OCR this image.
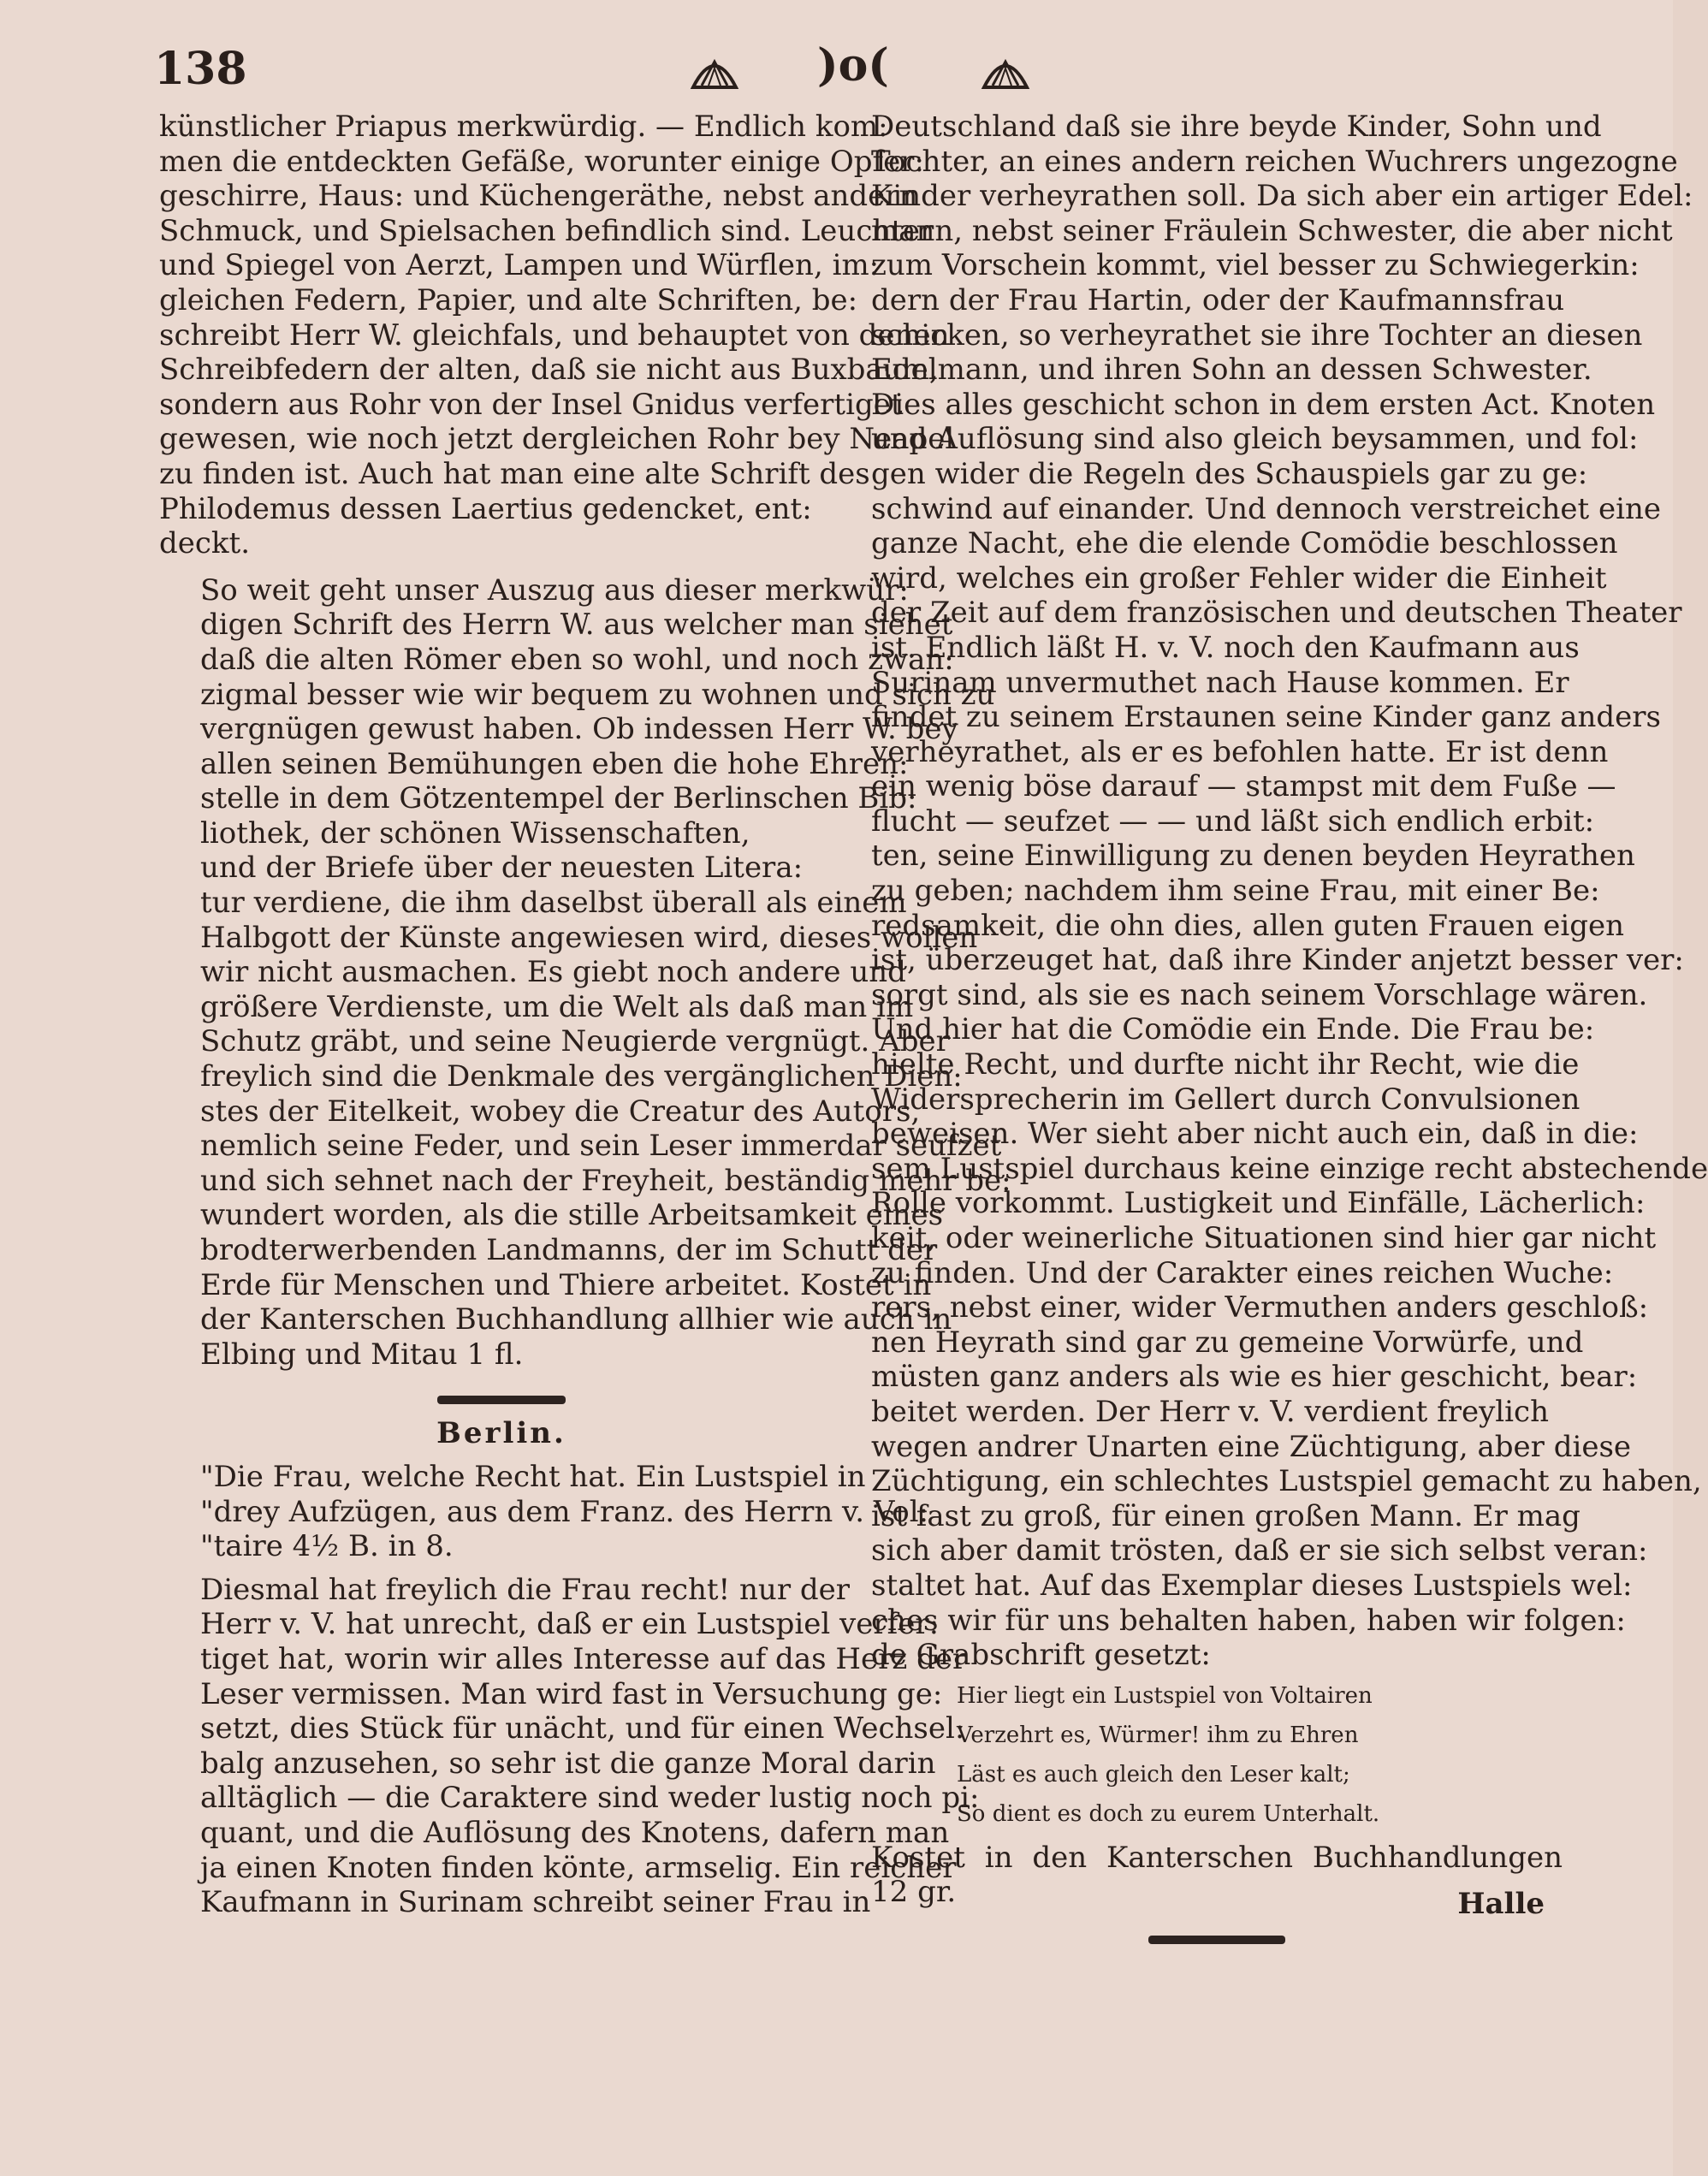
138	)o(

künstlicher Priapus merkwürdig. — Endlich kom:
men die entdeckten Gefäße, worunter einige Opfer:
geschirre, Haus: und Küchengeräthe, nebst andern
Schmuck, und Spielsachen befindlich sind. Leuchter
und Spiegel von Aerzt, Lampen und Würflen, im:
gleichen Federn, Papier, und alte Schriften, be:
schreibt Herr W. gleichfals, und behauptet von denen
Schreibfedern der alten, daß sie nicht aus Buxbaum,
sondern aus Rohr von der Insel Gnidus verfertiget
gewesen, wie noch jetzt dergleichen Rohr bey Neapel
zu finden ist. Auch hat man eine alte Schrift des
Philodemus dessen Laertius gedencket, ent:
deckt.

So weit geht unser Auszug aus dieser merkwür:
digen Schrift des Herrn W. aus welcher man siehet
daß die alten Römer eben so wohl, und noch zwan:
zigmal besser wie wir bequem zu wohnen und sich zu
vergnügen gewust haben. Ob indessen Herr W. bey
allen seinen Bemühungen eben die hohe Ehren:
stelle in dem Götzentempel der Berlinschen Bib:
liothek, der schönen Wissenschaften,
und der Briefe über der neuesten Litera:
tur verdiene, die ihm daselbst überall als einem
Halbgott der Künste angewiesen wird, dieses wollen
wir nicht ausmachen. Es giebt noch andere und
größere Verdienste, um die Welt als daß man im
Schutz gräbt, und seine Neugierde vergnügt. Aber
freylich sind die Denkmale des vergänglichen Dien:
stes der Eitelkeit, wobey die Creatur des Autors,
nemlich seine Feder, und sein Leser immerdar seufzet
und sich sehnet nach der Freyheit, beständig mehr be:
wundert worden, als die stille Arbeitsamkeit eines
brodterwerbenden Landmanns, der im Schutt der
Erde für Menschen und Thiere arbeitet. Kostet in
der Kanterschen Buchhandlung allhier wie auch in
Elbing und Mitau 1 fl.

Berlin.

"Die Frau, welche Recht hat. Ein Lustspiel in
"drey Aufzügen, aus dem Franz. des Herrn v. Vol:
"taire 4½ B. in 8.

Diesmal hat freylich die Frau recht! nur der
Herr v. V. hat unrecht, daß er ein Lustspiel verfer:
tiget hat, worin wir alles Interesse auf das Herz der
Leser vermissen. Man wird fast in Versuchung ge:
setzt, dies Stück für unächt, und für einen Wechsel:
balg anzusehen, so sehr ist die ganze Moral darin
alltäglich — die Caraktere sind weder lustig noch pi:
quant, und die Auflösung des Knotens, dafern man
ja einen Knoten finden könte, armselig. Ein reicher
Kaufmann in Surinam schreibt seiner Frau in

Deutschland daß sie ihre beyde Kinder, Sohn und
Tochter, an eines andern reichen Wuchrers ungezogne
Kinder verheyrathen soll. Da sich aber ein artiger Edel:
mann, nebst seiner Fräulein Schwester, die aber nicht
zum Vorschein kommt, viel besser zu Schwiegerkin:
dern der Frau Hartin, oder der Kaufmannsfrau
schicken, so verheyrathet sie ihre Tochter an diesen
Edelmann, und ihren Sohn an dessen Schwester.
Dies alles geschicht schon in dem ersten Act. Knoten
und Auflösung sind also gleich beysammen, und fol:
gen wider die Regeln des Schauspiels gar zu ge:
schwind auf einander. Und dennoch verstreichet eine
ganze Nacht, ehe die elende Comödie beschlossen
wird, welches ein großer Fehler wider die Einheit
der Zeit auf dem französischen und deutschen Theater
ist. Endlich läßt H. v. V. noch den Kaufmann aus
Surinam unvermuthet nach Hause kommen. Er
findet zu seinem Erstaunen seine Kinder ganz anders
verheyrathet, als er es befohlen hatte. Er ist denn
ein wenig böse darauf — stampst mit dem Fuße —
flucht — seufzet — — und läßt sich endlich erbit:
ten, seine Einwilligung zu denen beyden Heyrathen
zu geben; nachdem ihm seine Frau, mit einer Be:
redsamkeit, die ohn dies, allen guten Frauen eigen
ist, überzeuget hat, daß ihre Kinder anjetzt besser ver:
sorgt sind, als sie es nach seinem Vorschlage wären.
Und hier hat die Comödie ein Ende. Die Frau be:
hielte Recht, und durfte nicht ihr Recht, wie die
Widersprecherin im Gellert durch Convulsionen
beweisen. Wer sieht aber nicht auch ein, daß in die:
sem Lustspiel durchaus keine einzige recht abstechende
Rolle vorkommt. Lustigkeit und Einfälle, Lächerlich:
keit, oder weinerliche Situationen sind hier gar nicht
zu finden. Und der Carakter eines reichen Wuche:
rers, nebst einer, wider Vermuthen anders geschloß:
nen Heyrath sind gar zu gemeine Vorwürfe, und
müsten ganz anders als wie es hier geschicht, bear:
beitet werden. Der Herr v. V. verdient freylich
wegen andrer Unarten eine Züchtigung, aber diese
Züchtigung, ein schlechtes Lustspiel gemacht zu haben,
ist fast zu groß, für einen großen Mann. Er mag
sich aber damit trösten, daß er sie sich selbst veran:
staltet hat. Auf das Exemplar dieses Lustspiels wel:
ches wir für uns behalten haben, haben wir folgen:
de Grabschrift gesetzt:

Hier liegt ein Lustspiel von Voltairen
Verzehrt es, Würmer! ihm zu Ehren
Läst es auch gleich den Leser kalt;
So dient es doch zu eurem Unterhalt.

Kostet in den Kanterschen Buchhandlungen 12 gr.	Halle
